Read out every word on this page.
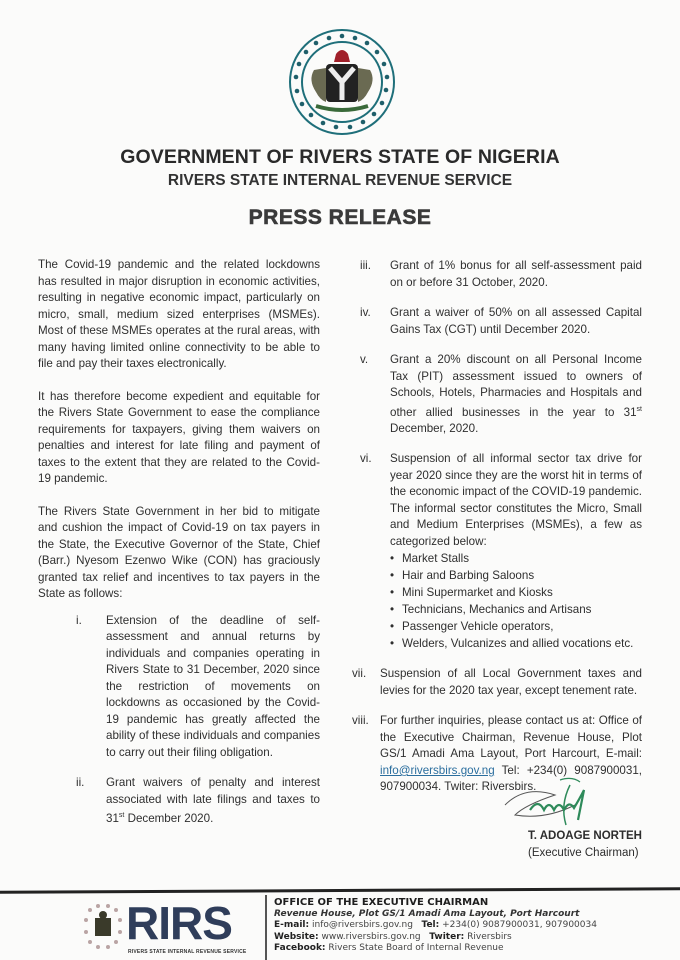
GOVERNMENT OF RIVERS STATE OF NIGERIA
RIVERS STATE INTERNAL REVENUE SERVICE
PRESS RELEASE

The Covid-19 pandemic and the related lockdowns has resulted in major disruption in economic activities, resulting in negative economic impact, particularly on micro, small, medium sized enterprises (MSMEs). Most of these MSMEs operates at the rural areas, with many having limited online connectivity to be able to file and pay their taxes electronically.

It has therefore become expedient and equitable for the Rivers State Government to ease the compliance requirements for taxpayers, giving them waivers on penalties and interest for late filing and payment of taxes to the extent that they are related to the Covid-19 pandemic.

The Rivers State Government in her bid to mitigate and cushion the impact of Covid-19 on tax payers in the State, the Executive Governor of the State, Chief (Barr.) Nyesom Ezenwo Wike (CON) has graciously granted tax relief and incentives to tax payers in the State as follows:

i.	Extension of the deadline of self-assessment and annual returns by individuals and companies operating in Rivers State to 31 December, 2020 since the restriction of movements on lockdowns as occasioned by the Covid-19 pandemic has greatly affected the ability of these individuals and companies to carry out their filing obligation.
ii.	Grant waivers of penalty and interest associated with late filings and taxes to 31st December 2020.
iii.	Grant of 1% bonus for all self-assessment paid on or before 31 October, 2020.
iv.	Grant a waiver of 50% on all assessed Capital Gains Tax (CGT) until December 2020.
v.	Grant a 20% discount on all Personal Income Tax (PIT) assessment issued to owners of Schools, Hotels, Pharmacies and Hospitals and other allied businesses in the year to 31st December, 2020.
vi.	Suspension of all informal sector tax drive for year 2020 since they are the worst hit in terms of the economic impact of the COVID-19 pandemic. The informal sector constitutes the Micro, Small and Medium Enterprises (MSMEs), a few as categorized below:

• Market Stalls
• Hair and Barbing Saloons
• Mini Supermarket and Kiosks
• Technicians, Mechanics and Artisans
• Passenger Vehicle operators,
• Welders, Vulcanizes and allied vocations etc.
vii.	Suspension of all Local Government taxes and levies for the 2020 tax year, except tenement rate.
viii. For further inquiries, please contact us at: Office of the Executive Chairman, Revenue House, Plot GS/1 Amadi Ama Layout, Port Harcourt, E-mail: info@riversbirs.gov.ng Tel: +234(0) 9087900031, 907900034. Twiter: Riversbirs.
T. ADOAGE NORTEH
(Executive Chairman)
RIRS
RIVERS STATE INTERNAL REVENUE SERVICE
OFFICE OF THE EXECUTIVE CHAIRMAN
Revenue House, Plot GS/1 Amadi Ama Layout, Port Harcourt
E-mail: info@riversbirs.gov.ng Tel: +234(0) 9087900031, 907900034
Website: www.riversbirs.gov.ng Twiter: Riversbirs
Facebook: Rivers State Board of Internal Revenue
